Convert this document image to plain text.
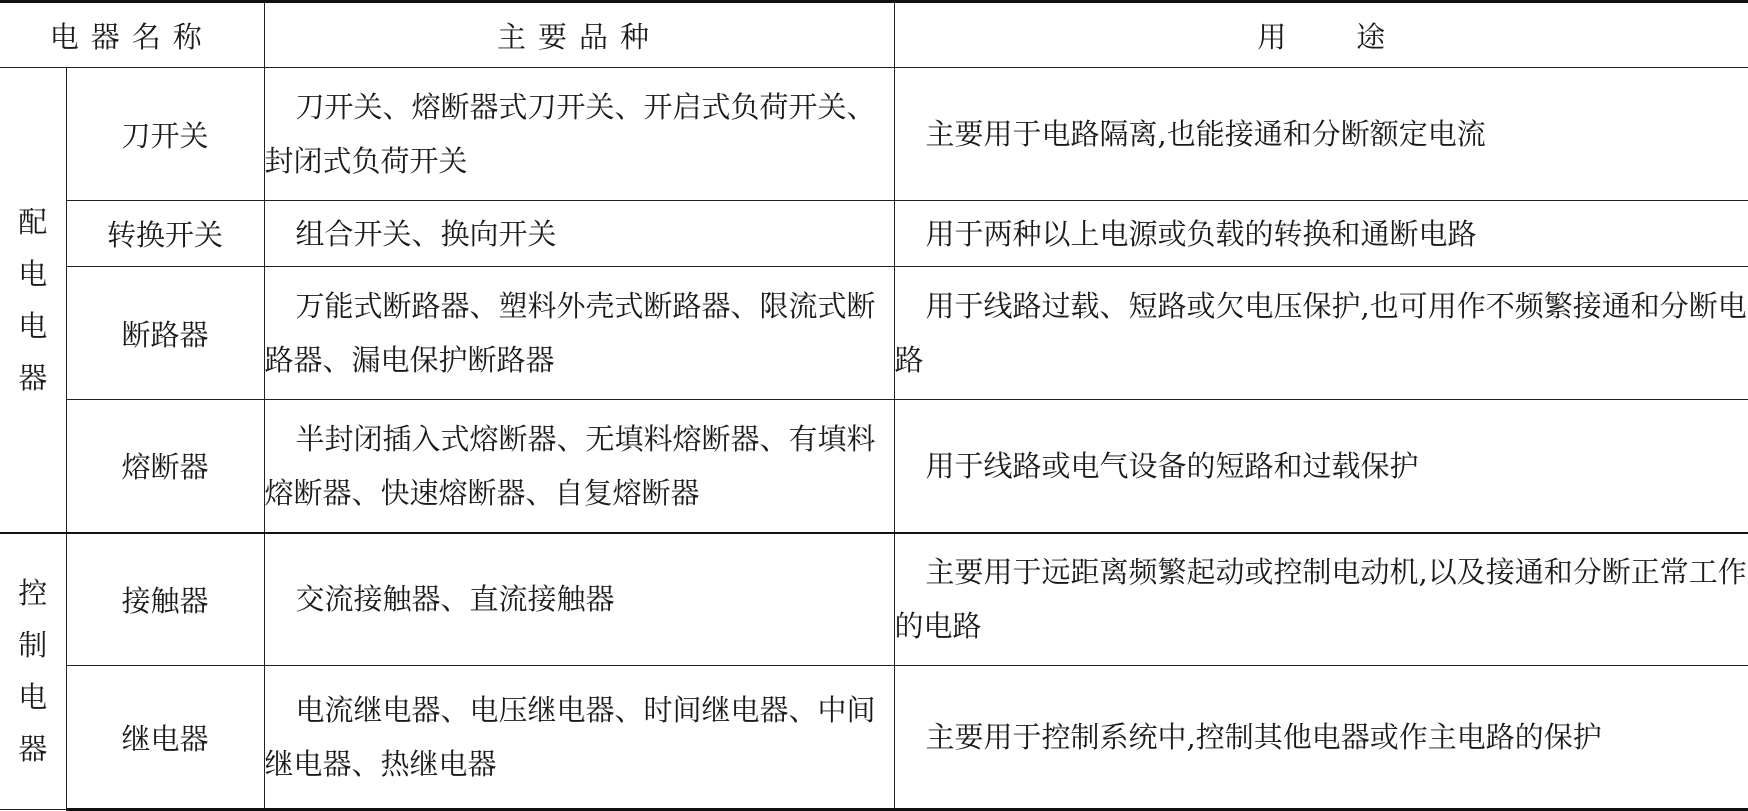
电器名称		主要品种	用 途

配
电
电
器	刀开关	刀开关、熔断器式刀开关、开启式负荷开关、封闭式负荷开关	主要用于电路隔离,也能接通和分断额定电流
	转换开关	组合开关、换向开关	用于两种以上电源或负载的转换和通断电路
	断路器	万能式断路器、塑料外壳式断路器、限流式断路器、漏电保护断路器	用于线路过载、短路或欠电压保护,也可用作不频繁接通和分断电路
	熔断器	半封闭插入式熔断器、无填料熔断器、有填料熔断器、快速熔断器、自复熔断器	用于线路或电气设备的短路和过载保护

控
制
电
器	接触器	交流接触器、直流接触器	主要用于远距离频繁起动或控制电动机,以及接通和分断正常工作的电路
	继电器	电流继电器、电压继电器、时间继电器、中间继电器、热继电器	主要用于控制系统中,控制其他电器或作主电路的保护
